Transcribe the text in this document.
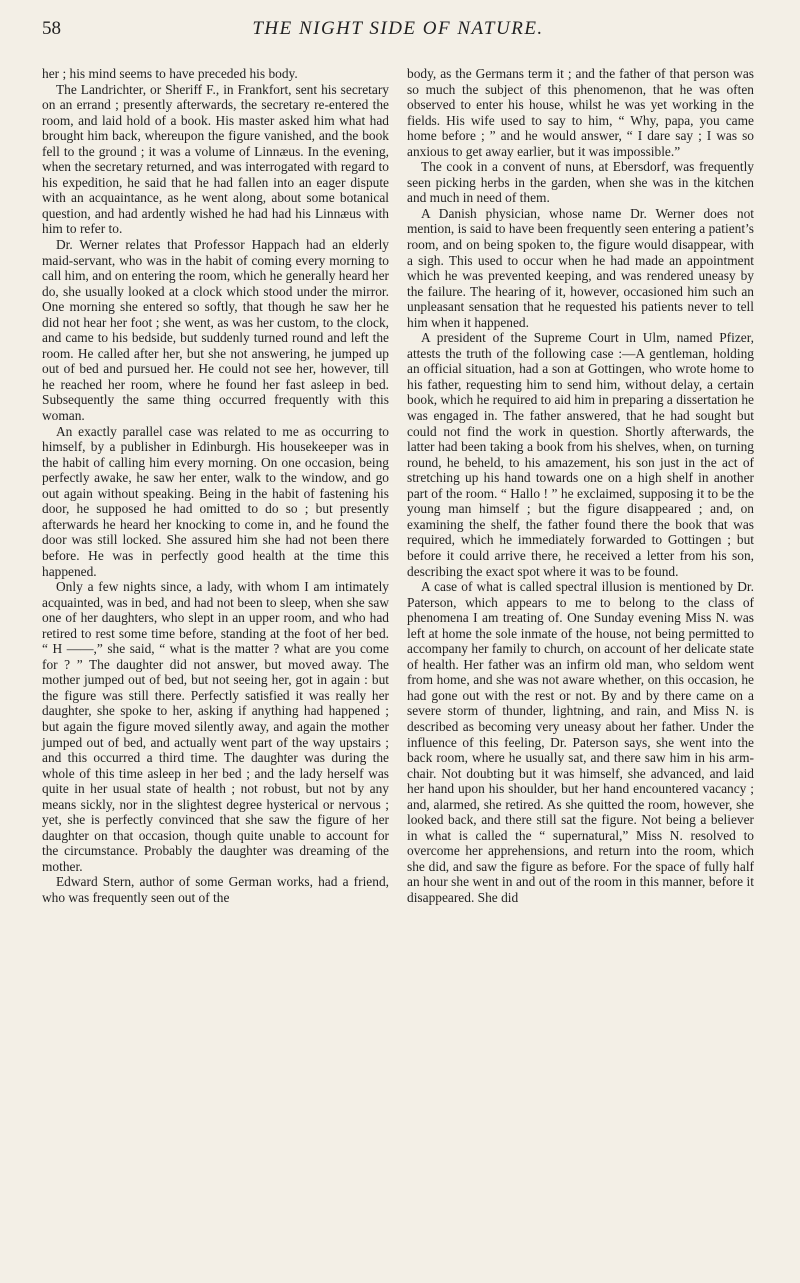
58	THE NIGHT SIDE OF NATURE.

her ; his mind seems to have preceded his body.

The Landrichter, or Sheriff F., in Frankfort, sent his secretary on an errand ; presently afterwards, the secretary re-entered the room, and laid hold of a book. His master asked him what had brought him back, whereupon the figure vanished, and the book fell to the ground ; it was a volume of Linnæus. In the evening, when the secretary returned, and was interrogated with regard to his expedition, he said that he had fallen into an eager dispute with an acquaintance, as he went along, about some botanical question, and had ardently wished he had had his Linnæus with him to refer to.

Dr. Werner relates that Professor Happach had an elderly maid-servant, who was in the habit of coming every morning to call him, and on entering the room, which he generally heard her do, she usually looked at a clock which stood under the mirror. One morning she entered so softly, that though he saw her he did not hear her foot ; she went, as was her custom, to the clock, and came to his bedside, but suddenly turned round and left the room. He called after her, but she not answering, he jumped up out of bed and pursued her. He could not see her, however, till he reached her room, where he found her fast asleep in bed. Subsequently the same thing occurred frequently with this woman.

An exactly parallel case was related to me as occurring to himself, by a publisher in Edinburgh. His housekeeper was in the habit of calling him every morning. On one occasion, being perfectly awake, he saw her enter, walk to the window, and go out again without speaking. Being in the habit of fastening his door, he supposed he had omitted to do so ; but presently afterwards he heard her knocking to come in, and he found the door was still locked. She assured him she had not been there before. He was in perfectly good health at the time this happened.

Only a few nights since, a lady, with whom I am intimately acquainted, was in bed, and had not been to sleep, when she saw one of her daughters, who slept in an upper room, and who had retired to rest some time before, standing at the foot of her bed. “ H ——,” she said, “ what is the matter ? what are you come for ? ” The daughter did not answer, but moved away. The mother jumped out of bed, but not seeing her, got in again : but the figure was still there. Perfectly satisfied it was really her daughter, she spoke to her, asking if anything had happened ; but again the figure moved silently away, and again the mother jumped out of bed, and actually went part of the way upstairs ; and this occurred a third time. The daughter was during the whole of this time asleep in her bed ; and the lady herself was quite in her usual state of health ; not robust, but not by any means sickly, nor in the slightest degree hysterical or nervous ; yet, she is perfectly convinced that she saw the figure of her daughter on that occasion, though quite unable to account for the circumstance. Probably the daughter was dreaming of the mother.

Edward Stern, author of some German works, had a friend, who was frequently seen out of the

body, as the Germans term it ; and the father of that person was so much the subject of this phenomenon, that he was often observed to enter his house, whilst he was yet working in the fields. His wife used to say to him, “ Why, papa, you came home before ; ” and he would answer, “ I dare say ; I was so anxious to get away earlier, but it was impossible.”

The cook in a convent of nuns, at Ebersdorf, was frequently seen picking herbs in the garden, when she was in the kitchen and much in need of them.

A Danish physician, whose name Dr. Werner does not mention, is said to have been frequently seen entering a patient’s room, and on being spoken to, the figure would disappear, with a sigh. This used to occur when he had made an appointment which he was prevented keeping, and was rendered uneasy by the failure. The hearing of it, however, occasioned him such an unpleasant sensation that he requested his patients never to tell him when it happened.

A president of the Supreme Court in Ulm, named Pfizer, attests the truth of the following case :—A gentleman, holding an official situation, had a son at Gottingen, who wrote home to his father, requesting him to send him, without delay, a certain book, which he required to aid him in preparing a dissertation he was engaged in. The father answered, that he had sought but could not find the work in question. Shortly afterwards, the latter had been taking a book from his shelves, when, on turning round, he beheld, to his amazement, his son just in the act of stretching up his hand towards one on a high shelf in another part of the room. “ Hallo ! ” he exclaimed, supposing it to be the young man himself ; but the figure disappeared ; and, on examining the shelf, the father found there the book that was required, which he immediately forwarded to Gottingen ; but before it could arrive there, he received a letter from his son, describing the exact spot where it was to be found.

A case of what is called spectral illusion is mentioned by Dr. Paterson, which appears to me to belong to the class of phenomena I am treating of. One Sunday evening Miss N. was left at home the sole inmate of the house, not being permitted to accompany her family to church, on account of her delicate state of health. Her father was an infirm old man, who seldom went from home, and she was not aware whether, on this occasion, he had gone out with the rest or not. By and by there came on a severe storm of thunder, lightning, and rain, and Miss N. is described as becoming very uneasy about her father. Under the influence of this feeling, Dr. Paterson says, she went into the back room, where he usually sat, and there saw him in his arm-chair. Not doubting but it was himself, she advanced, and laid her hand upon his shoulder, but her hand encountered vacancy ; and, alarmed, she retired. As she quitted the room, however, she looked back, and there still sat the figure. Not being a believer in what is called the “ supernatural,” Miss N. resolved to overcome her apprehensions, and return into the room, which she did, and saw the figure as before. For the space of fully half an hour she went in and out of the room in this manner, before it disappeared. She did
